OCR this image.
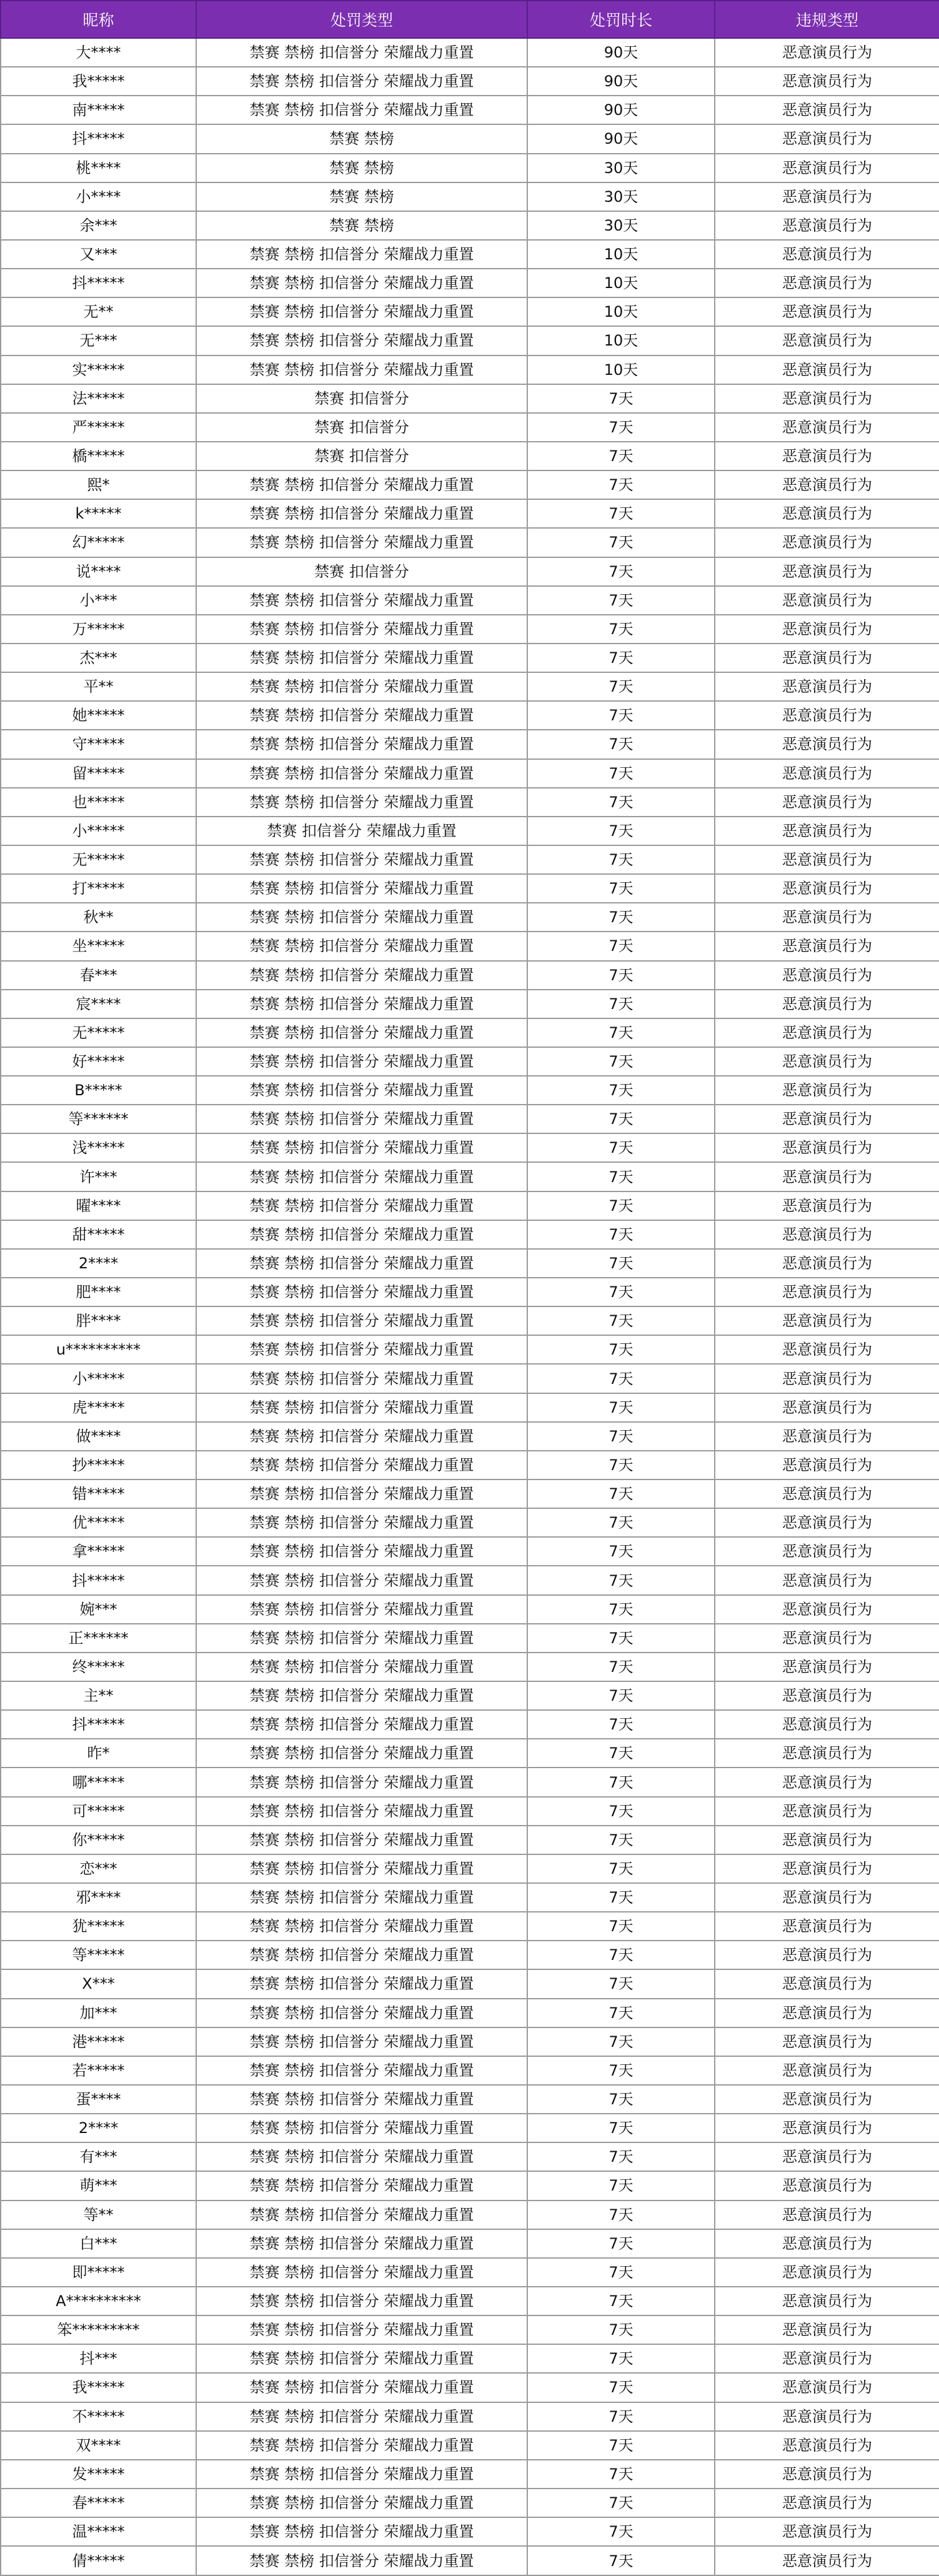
昵称	处罚类型	处罚时长	违规类型
大****	禁赛 禁榜 扣信誉分 荣耀战力重置	90天	恶意演员行为
我*****	禁赛 禁榜 扣信誉分 荣耀战力重置	90天	恶意演员行为
南*****	禁赛 禁榜 扣信誉分 荣耀战力重置	90天	恶意演员行为
抖*****	禁赛 禁榜	90天	恶意演员行为
桃****	禁赛 禁榜	30天	恶意演员行为
小****	禁赛 禁榜	30天	恶意演员行为
余***	禁赛 禁榜	30天	恶意演员行为
又***	禁赛 禁榜 扣信誉分 荣耀战力重置	10天	恶意演员行为
抖*****	禁赛 禁榜 扣信誉分 荣耀战力重置	10天	恶意演员行为
无**	禁赛 禁榜 扣信誉分 荣耀战力重置	10天	恶意演员行为
无***	禁赛 禁榜 扣信誉分 荣耀战力重置	10天	恶意演员行为
实*****	禁赛 禁榜 扣信誉分 荣耀战力重置	10天	恶意演员行为
法*****	禁赛 扣信誉分	7天	恶意演员行为
严*****	禁赛 扣信誉分	7天	恶意演员行为
橋*****	禁赛 扣信誉分	7天	恶意演员行为
熙*	禁赛 禁榜 扣信誉分 荣耀战力重置	7天	恶意演员行为
k*****	禁赛 禁榜 扣信誉分 荣耀战力重置	7天	恶意演员行为
幻*****	禁赛 禁榜 扣信誉分 荣耀战力重置	7天	恶意演员行为
说****	禁赛 扣信誉分	7天	恶意演员行为
小***	禁赛 禁榜 扣信誉分 荣耀战力重置	7天	恶意演员行为
万*****	禁赛 禁榜 扣信誉分 荣耀战力重置	7天	恶意演员行为
杰***	禁赛 禁榜 扣信誉分 荣耀战力重置	7天	恶意演员行为
平**	禁赛 禁榜 扣信誉分 荣耀战力重置	7天	恶意演员行为
她*****	禁赛 禁榜 扣信誉分 荣耀战力重置	7天	恶意演员行为
守*****	禁赛 禁榜 扣信誉分 荣耀战力重置	7天	恶意演员行为
留*****	禁赛 禁榜 扣信誉分 荣耀战力重置	7天	恶意演员行为
也*****	禁赛 禁榜 扣信誉分 荣耀战力重置	7天	恶意演员行为
小*****	禁赛 扣信誉分 荣耀战力重置	7天	恶意演员行为
无*****	禁赛 禁榜 扣信誉分 荣耀战力重置	7天	恶意演员行为
打*****	禁赛 禁榜 扣信誉分 荣耀战力重置	7天	恶意演员行为
秋**	禁赛 禁榜 扣信誉分 荣耀战力重置	7天	恶意演员行为
坐*****	禁赛 禁榜 扣信誉分 荣耀战力重置	7天	恶意演员行为
春***	禁赛 禁榜 扣信誉分 荣耀战力重置	7天	恶意演员行为
宸****	禁赛 禁榜 扣信誉分 荣耀战力重置	7天	恶意演员行为
无*****	禁赛 禁榜 扣信誉分 荣耀战力重置	7天	恶意演员行为
好*****	禁赛 禁榜 扣信誉分 荣耀战力重置	7天	恶意演员行为
B*****	禁赛 禁榜 扣信誉分 荣耀战力重置	7天	恶意演员行为
等******	禁赛 禁榜 扣信誉分 荣耀战力重置	7天	恶意演员行为
浅*****	禁赛 禁榜 扣信誉分 荣耀战力重置	7天	恶意演员行为
许***	禁赛 禁榜 扣信誉分 荣耀战力重置	7天	恶意演员行为
曜****	禁赛 禁榜 扣信誉分 荣耀战力重置	7天	恶意演员行为
甜*****	禁赛 禁榜 扣信誉分 荣耀战力重置	7天	恶意演员行为
2****	禁赛 禁榜 扣信誉分 荣耀战力重置	7天	恶意演员行为
肥****	禁赛 禁榜 扣信誉分 荣耀战力重置	7天	恶意演员行为
胖****	禁赛 禁榜 扣信誉分 荣耀战力重置	7天	恶意演员行为
u**********	禁赛 禁榜 扣信誉分 荣耀战力重置	7天	恶意演员行为
小*****	禁赛 禁榜 扣信誉分 荣耀战力重置	7天	恶意演员行为
虎*****	禁赛 禁榜 扣信誉分 荣耀战力重置	7天	恶意演员行为
做****	禁赛 禁榜 扣信誉分 荣耀战力重置	7天	恶意演员行为
抄*****	禁赛 禁榜 扣信誉分 荣耀战力重置	7天	恶意演员行为
错*****	禁赛 禁榜 扣信誉分 荣耀战力重置	7天	恶意演员行为
优*****	禁赛 禁榜 扣信誉分 荣耀战力重置	7天	恶意演员行为
拿*****	禁赛 禁榜 扣信誉分 荣耀战力重置	7天	恶意演员行为
抖*****	禁赛 禁榜 扣信誉分 荣耀战力重置	7天	恶意演员行为
婉***	禁赛 禁榜 扣信誉分 荣耀战力重置	7天	恶意演员行为
正******	禁赛 禁榜 扣信誉分 荣耀战力重置	7天	恶意演员行为
终*****	禁赛 禁榜 扣信誉分 荣耀战力重置	7天	恶意演员行为
主**	禁赛 禁榜 扣信誉分 荣耀战力重置	7天	恶意演员行为
抖*****	禁赛 禁榜 扣信誉分 荣耀战力重置	7天	恶意演员行为
昨*	禁赛 禁榜 扣信誉分 荣耀战力重置	7天	恶意演员行为
哪*****	禁赛 禁榜 扣信誉分 荣耀战力重置	7天	恶意演员行为
可*****	禁赛 禁榜 扣信誉分 荣耀战力重置	7天	恶意演员行为
你*****	禁赛 禁榜 扣信誉分 荣耀战力重置	7天	恶意演员行为
恋***	禁赛 禁榜 扣信誉分 荣耀战力重置	7天	恶意演员行为
邪****	禁赛 禁榜 扣信誉分 荣耀战力重置	7天	恶意演员行为
犹*****	禁赛 禁榜 扣信誉分 荣耀战力重置	7天	恶意演员行为
等*****	禁赛 禁榜 扣信誉分 荣耀战力重置	7天	恶意演员行为
X***	禁赛 禁榜 扣信誉分 荣耀战力重置	7天	恶意演员行为
加***	禁赛 禁榜 扣信誉分 荣耀战力重置	7天	恶意演员行为
港*****	禁赛 禁榜 扣信誉分 荣耀战力重置	7天	恶意演员行为
若*****	禁赛 禁榜 扣信誉分 荣耀战力重置	7天	恶意演员行为
蛋****	禁赛 禁榜 扣信誉分 荣耀战力重置	7天	恶意演员行为
2****	禁赛 禁榜 扣信誉分 荣耀战力重置	7天	恶意演员行为
有***	禁赛 禁榜 扣信誉分 荣耀战力重置	7天	恶意演员行为
萌***	禁赛 禁榜 扣信誉分 荣耀战力重置	7天	恶意演员行为
等**	禁赛 禁榜 扣信誉分 荣耀战力重置	7天	恶意演员行为
白***	禁赛 禁榜 扣信誉分 荣耀战力重置	7天	恶意演员行为
即*****	禁赛 禁榜 扣信誉分 荣耀战力重置	7天	恶意演员行为
A**********	禁赛 禁榜 扣信誉分 荣耀战力重置	7天	恶意演员行为
笨*********	禁赛 禁榜 扣信誉分 荣耀战力重置	7天	恶意演员行为
抖***	禁赛 禁榜 扣信誉分 荣耀战力重置	7天	恶意演员行为
我*****	禁赛 禁榜 扣信誉分 荣耀战力重置	7天	恶意演员行为
不*****	禁赛 禁榜 扣信誉分 荣耀战力重置	7天	恶意演员行为
双****	禁赛 禁榜 扣信誉分 荣耀战力重置	7天	恶意演员行为
发*****	禁赛 禁榜 扣信誉分 荣耀战力重置	7天	恶意演员行为
春*****	禁赛 禁榜 扣信誉分 荣耀战力重置	7天	恶意演员行为
温*****	禁赛 禁榜 扣信誉分 荣耀战力重置	7天	恶意演员行为
倩*****	禁赛 禁榜 扣信誉分 荣耀战力重置	7天	恶意演员行为
